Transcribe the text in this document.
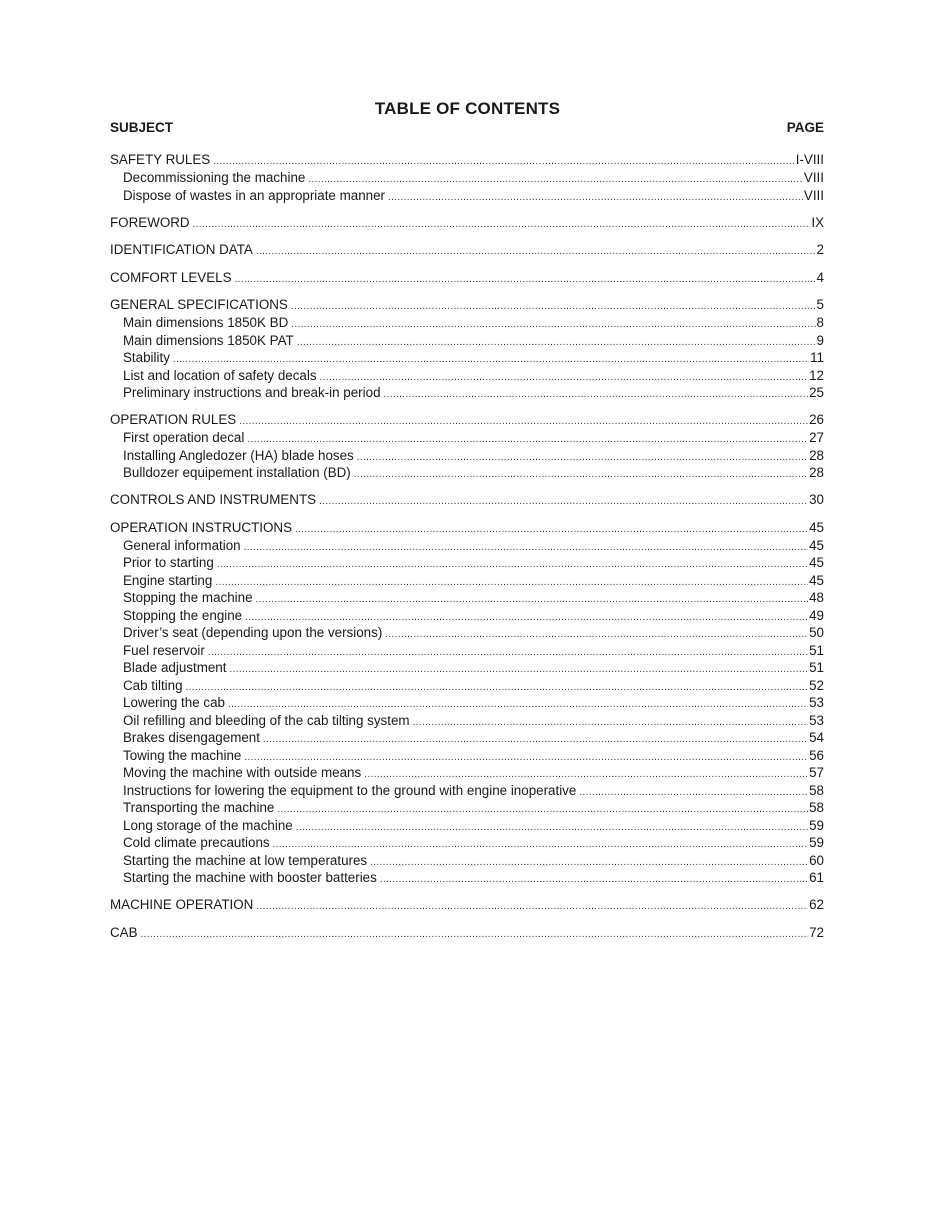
TABLE OF CONTENTS
SUBJECT	PAGE
SAFETY RULES .....	I-VIII
Decommissioning the machine .....	VIII
Dispose of wastes in an appropriate manner .....	VIII
FOREWORD .....	IX
IDENTIFICATION DATA .....	2
COMFORT LEVELS .....	4
GENERAL SPECIFICATIONS .....	5
Main dimensions 1850K BD .....	8
Main dimensions 1850K PAT .....	9
Stability .....	11
List and location of safety decals .....	12
Preliminary instructions and break-in period .....	25
OPERATION RULES .....	26
First operation decal .....	27
Installing Angledozer (HA) blade hoses .....	28
Bulldozer equipement installation (BD) .....	28
CONTROLS AND INSTRUMENTS .....	30
OPERATION INSTRUCTIONS .....	45
General information .....	45
Prior to starting .....	45
Engine starting .....	45
Stopping the machine .....	48
Stopping the engine .....	49
Driver’s seat (depending upon the versions) .....	50
Fuel reservoir .....	51
Blade adjustment .....	51
Cab tilting .....	52
Lowering the cab .....	53
Oil refilling and bleeding of the cab tilting system .....	53
Brakes disengagement .....	54
Towing the machine .....	56
Moving the machine with outside means .....	57
Instructions for lowering the equipment to the ground with engine inoperative .....	58
Transporting the machine .....	58
Long storage of the machine .....	59
Cold climate precautions .....	59
Starting the machine at low temperatures .....	60
Starting the machine with booster batteries .....	61
MACHINE OPERATION .....	62
CAB .....	72
